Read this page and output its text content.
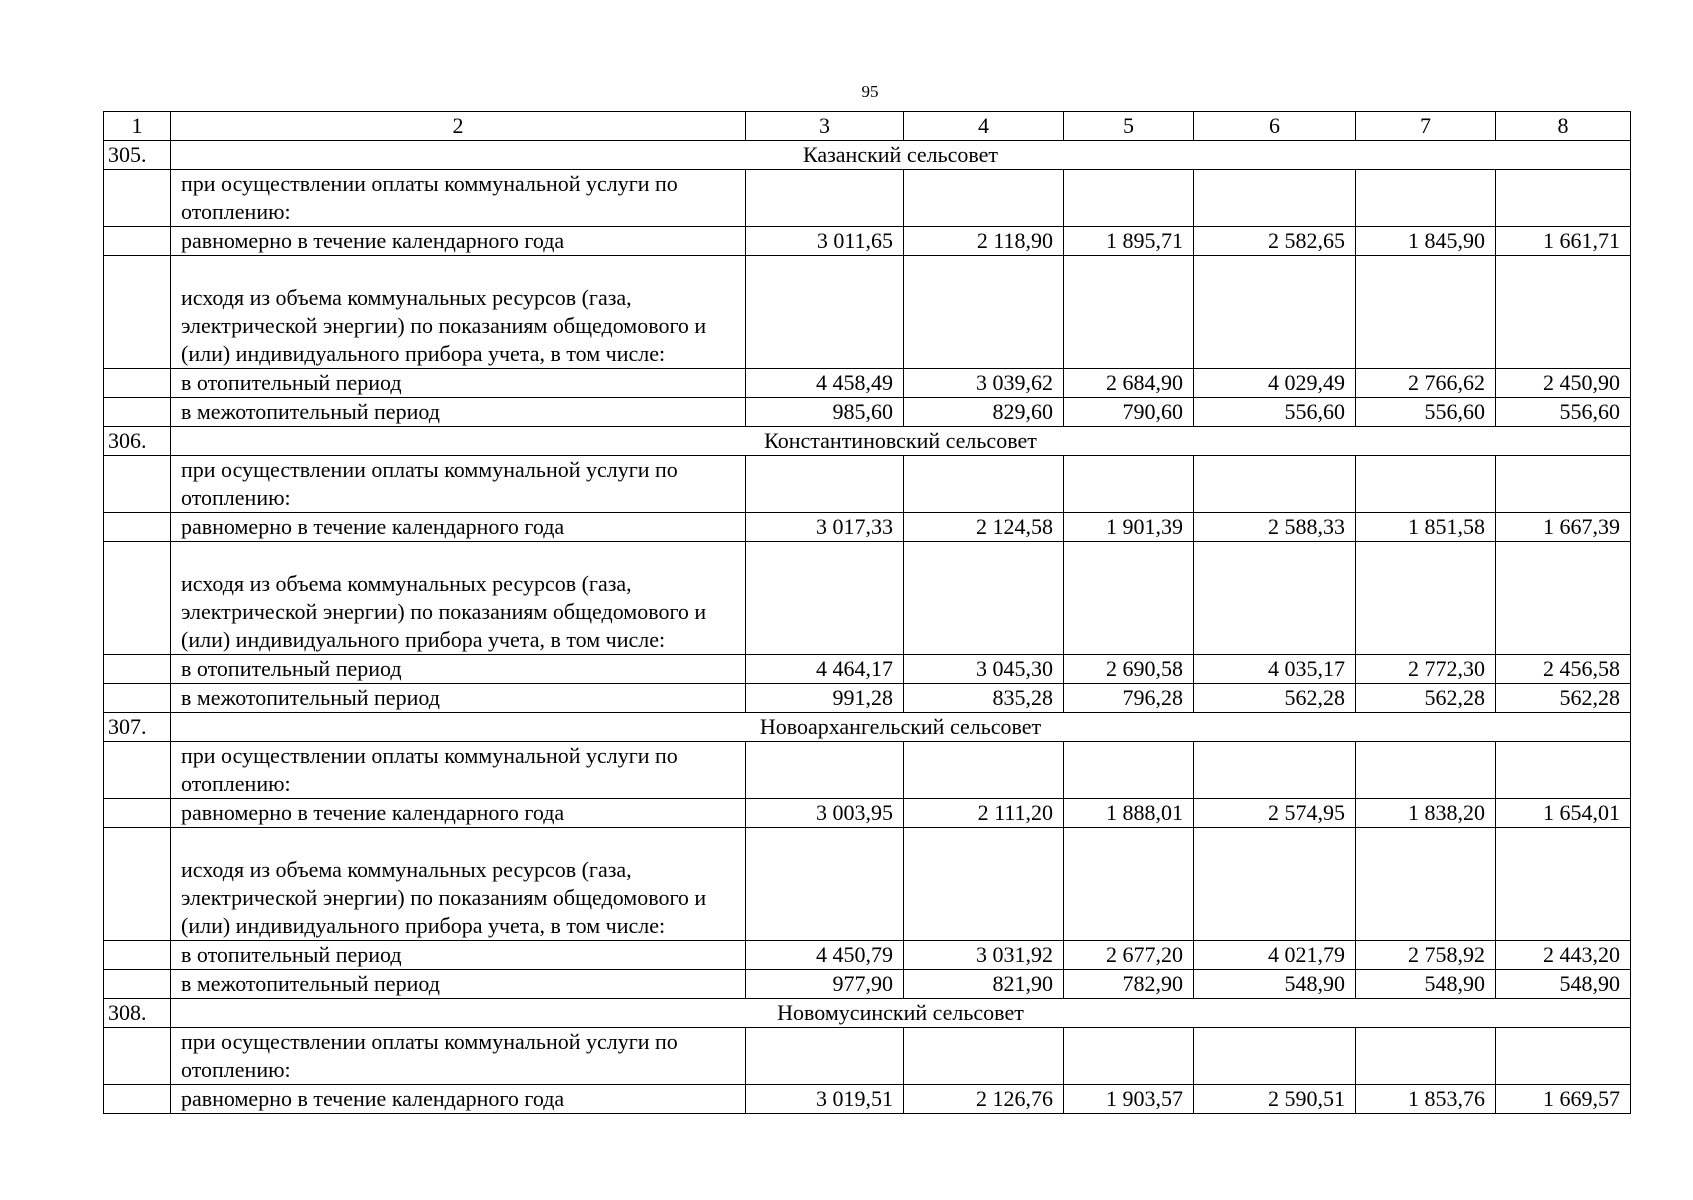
95
1	2	3	4	5	6	7	8
305.	Казанский сельсовет						
	при осуществлении оплаты коммунальной услуги по отоплению:						
	равномерно в течение календарного года	3 011,65	2 118,90	1 895,71	2 582,65	1 845,90	1 661,71
	исходя из объема коммунальных ресурсов (газа, электрической энергии) по показаниям общедомового и (или) индивидуального прибора учета, в том числе:						
	в отопительный период	4 458,49	3 039,62	2 684,90	4 029,49	2 766,62	2 450,90
	в межотопительный период	985,60	829,60	790,60	556,60	556,60	556,60
306.	Константиновский сельсовет						
	при осуществлении оплаты коммунальной услуги по отоплению:						
	равномерно в течение календарного года	3 017,33	2 124,58	1 901,39	2 588,33	1 851,58	1 667,39
	исходя из объема коммунальных ресурсов (газа, электрической энергии) по показаниям общедомового и (или) индивидуального прибора учета, в том числе:						
	в отопительный период	4 464,17	3 045,30	2 690,58	4 035,17	2 772,30	2 456,58
	в межотопительный период	991,28	835,28	796,28	562,28	562,28	562,28
307.	Новоархангельский сельсовет						
	при осуществлении оплаты коммунальной услуги по отоплению:						
	равномерно в течение календарного года	3 003,95	2 111,20	1 888,01	2 574,95	1 838,20	1 654,01
	исходя из объема коммунальных ресурсов (газа, электрической энергии) по показаниям общедомового и (или) индивидуального прибора учета, в том числе:						
	в отопительный период	4 450,79	3 031,92	2 677,20	4 021,79	2 758,92	2 443,20
	в межотопительный период	977,90	821,90	782,90	548,90	548,90	548,90
308.	Новомусинский сельсовет						
	при осуществлении оплаты коммунальной услуги по отоплению:						
	равномерно в течение календарного года	3 019,51	2 126,76	1 903,57	2 590,51	1 853,76	1 669,57
